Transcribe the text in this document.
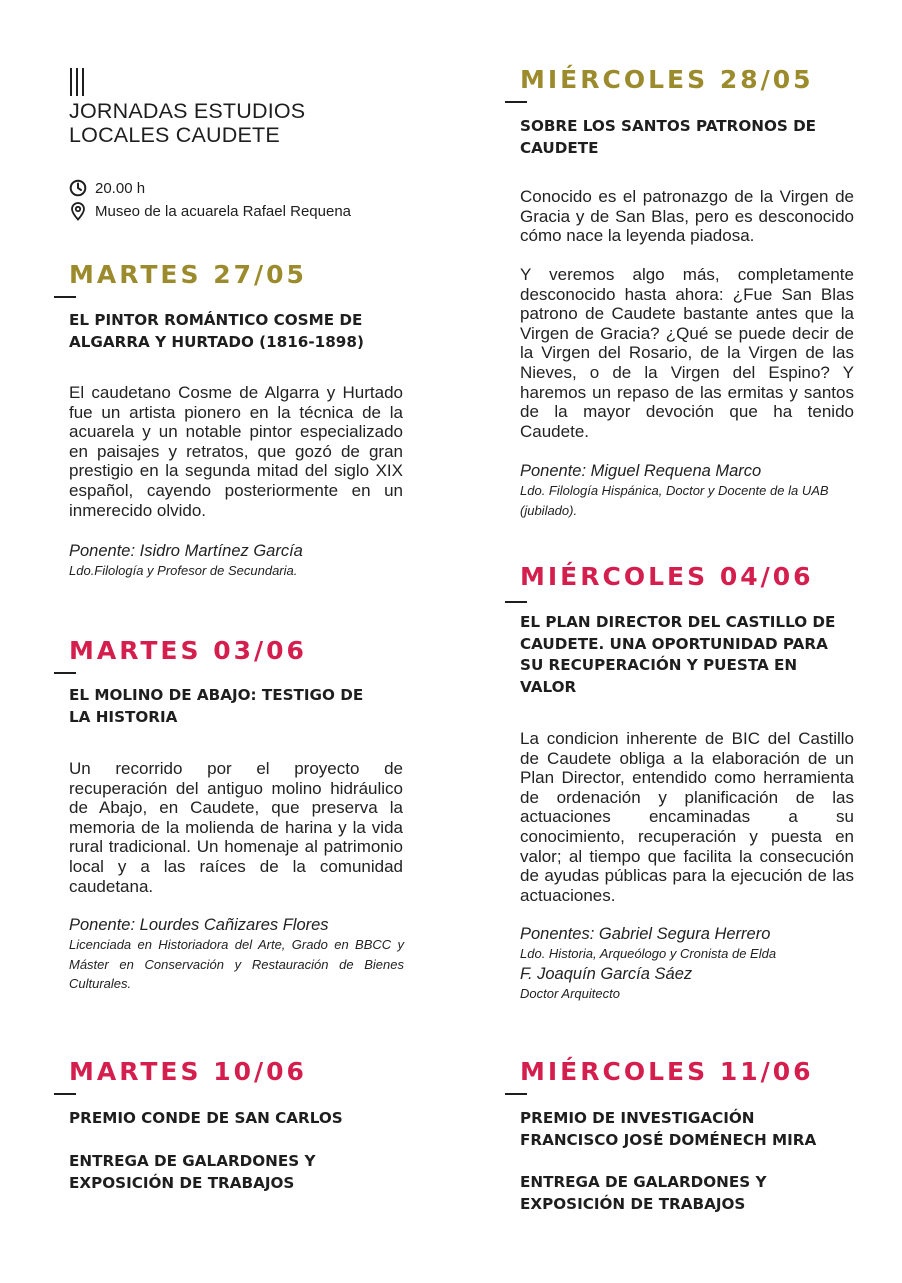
JORNADAS ESTUDIOS
LOCALES CAUDETE
20.00 h
Museo de la acuarela Rafael Requena
MARTES 27/05
EL PINTOR ROMÁNTICO COSME DE
ALGARRA Y HURTADO (1816-1898)
El caudetano Cosme de Algarra y Hurtado fue un artista pionero en la técnica de la acuarela y un notable pintor especializado en paisajes y retratos, que gozó de gran prestigio en la segunda mitad del siglo XIX español, cayendo posteriormente en un inmerecido olvido.
Ponente: Isidro Martínez García
Ldo.Filología y Profesor de Secundaria.
MARTES 03/06
EL MOLINO DE ABAJO: TESTIGO DE
LA HISTORIA
Un recorrido por el proyecto de recuperación del antiguo molino hidráulico de Abajo, en Caudete, que preserva la memoria de la molienda de harina y la vida rural tradicional. Un homenaje al patrimonio local y a las raíces de la comunidad caudetana.
Ponente: Lourdes Cañizares Flores
Licenciada en Historiadora del Arte, Grado en BBCC y Máster en Conservación y Restauración de Bienes Culturales.
MARTES 10/06
PREMIO CONDE DE SAN CARLOS
ENTREGA DE GALARDONES Y
EXPOSICIÓN DE TRABAJOS
MIÉRCOLES 28/05
SOBRE LOS SANTOS PATRONOS DE
CAUDETE
Conocido es el patronazgo de la Virgen de Gracia y de San Blas, pero es desconocido cómo nace la leyenda piadosa.
Y veremos algo más, completamente desconocido hasta ahora: ¿Fue San Blas patrono de Caudete bastante antes que la Virgen de Gracia? ¿Qué se puede decir de la Virgen del Rosario, de la Virgen de las Nieves, o de la Virgen del Espino? Y haremos un repaso de las ermitas y santos de la mayor devoción que ha tenido Caudete.
Ponente: Miguel Requena Marco
Ldo. Filología Hispánica, Doctor y Docente de la UAB (jubilado).
MIÉRCOLES 04/06
EL PLAN DIRECTOR DEL CASTILLO DE
CAUDETE. UNA OPORTUNIDAD PARA
SU RECUPERACIÓN Y PUESTA EN
VALOR
La condicion inherente de BIC del Castillo de Caudete obliga a la elaboración de un Plan Director, entendido como herramienta de ordenación y planificación de las actuaciones encaminadas a su conocimiento, recuperación y puesta en valor; al tiempo que facilita la consecución de ayudas públicas para la ejecución de las actuaciones.
Ponentes: Gabriel Segura Herrero
Ldo. Historia, Arqueólogo y Cronista de Elda
F. Joaquín García Sáez
Doctor Arquitecto
MIÉRCOLES 11/06
PREMIO DE INVESTIGACIÓN
FRANCISCO JOSÉ DOMÉNECH MIRA
ENTREGA DE GALARDONES Y
EXPOSICIÓN DE TRABAJOS
